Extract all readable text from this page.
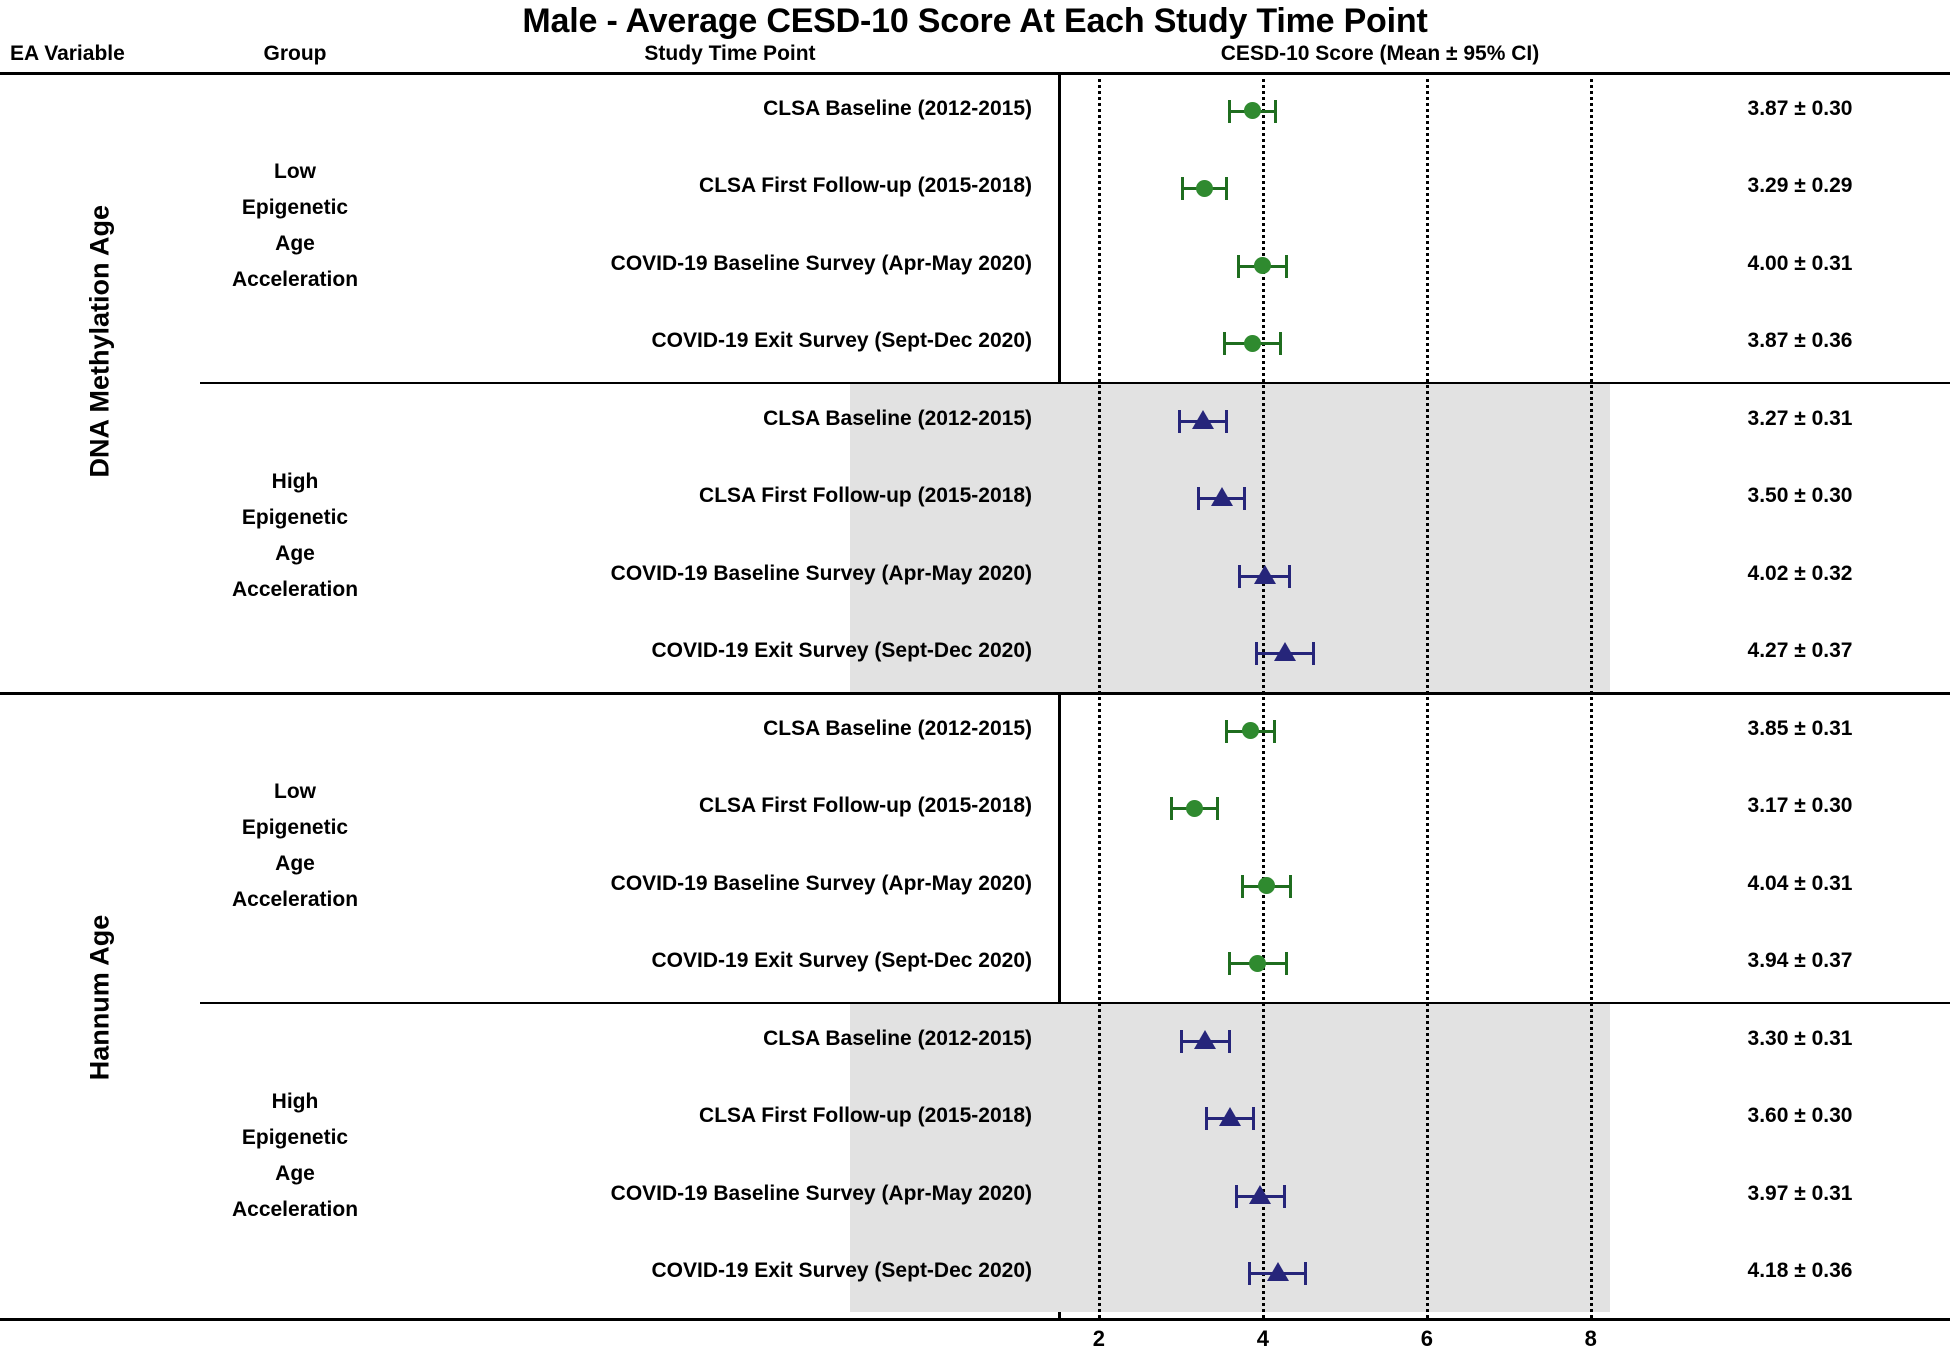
Male - Average CESD-10 Score At Each Study Time Point
EA Variable	Group	Study Time Point	CESD-10 Score (Mean ± 95% CI)
DNA Methylation Age
Low
Epigenetic
Age
Acceleration
CLSA Baseline (2012-2015)	3.87 ± 0.30
CLSA First Follow-up (2015-2018)	3.29 ± 0.29
COVID-19 Baseline Survey (Apr-May 2020)	4.00 ± 0.31
COVID-19 Exit Survey (Sept-Dec 2020)	3.87 ± 0.36
High
Epigenetic
Age
Acceleration
CLSA Baseline (2012-2015)	3.27 ± 0.31
CLSA First Follow-up (2015-2018)	3.50 ± 0.30
COVID-19 Baseline Survey (Apr-May 2020)	4.02 ± 0.32
COVID-19 Exit Survey (Sept-Dec 2020)	4.27 ± 0.37
Hannum Age
Low
Epigenetic
Age
Acceleration
CLSA Baseline (2012-2015)	3.85 ± 0.31
CLSA First Follow-up (2015-2018)	3.17 ± 0.30
COVID-19 Baseline Survey (Apr-May 2020)	4.04 ± 0.31
COVID-19 Exit Survey (Sept-Dec 2020)	3.94 ± 0.37
High
Epigenetic
Age
Acceleration
CLSA Baseline (2012-2015)	3.30 ± 0.31
CLSA First Follow-up (2015-2018)	3.60 ± 0.30
COVID-19 Baseline Survey (Apr-May 2020)	3.97 ± 0.31
COVID-19 Exit Survey (Sept-Dec 2020)	4.18 ± 0.36
2	4	6	8
